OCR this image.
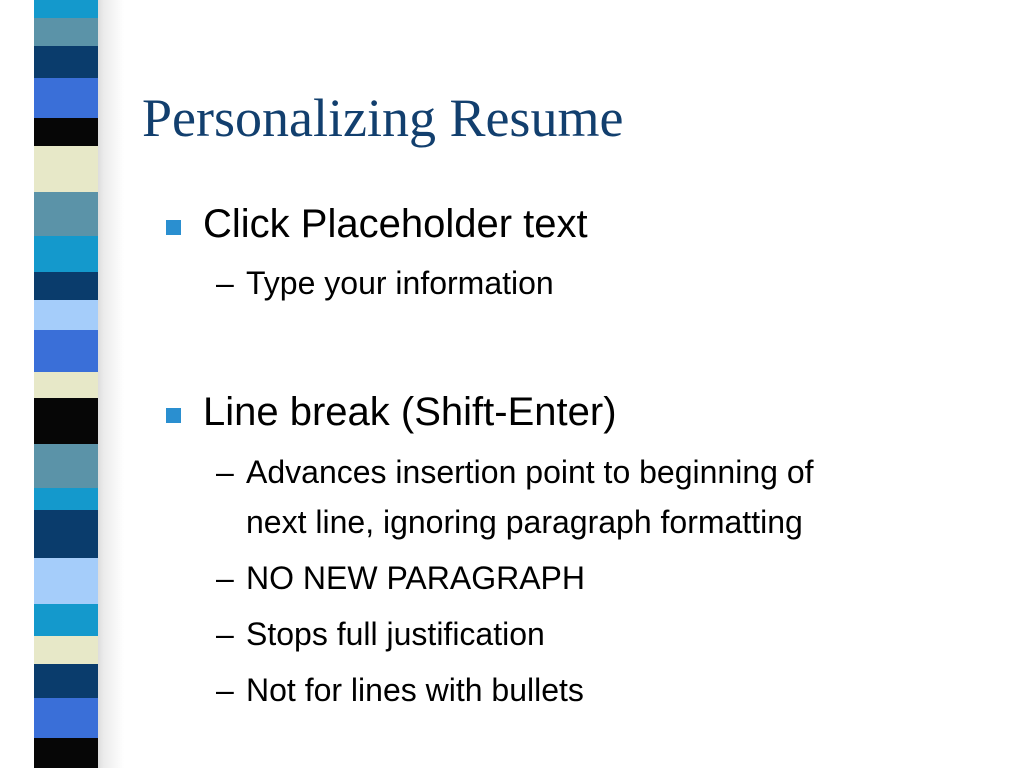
Personalizing Resume
Click Placeholder text
– Type your information
Line break (Shift-Enter)
– Advances insertion point to beginning of
next line, ignoring paragraph formatting
– NO NEW PARAGRAPH
– Stops full justification
– Not for lines with bullets
